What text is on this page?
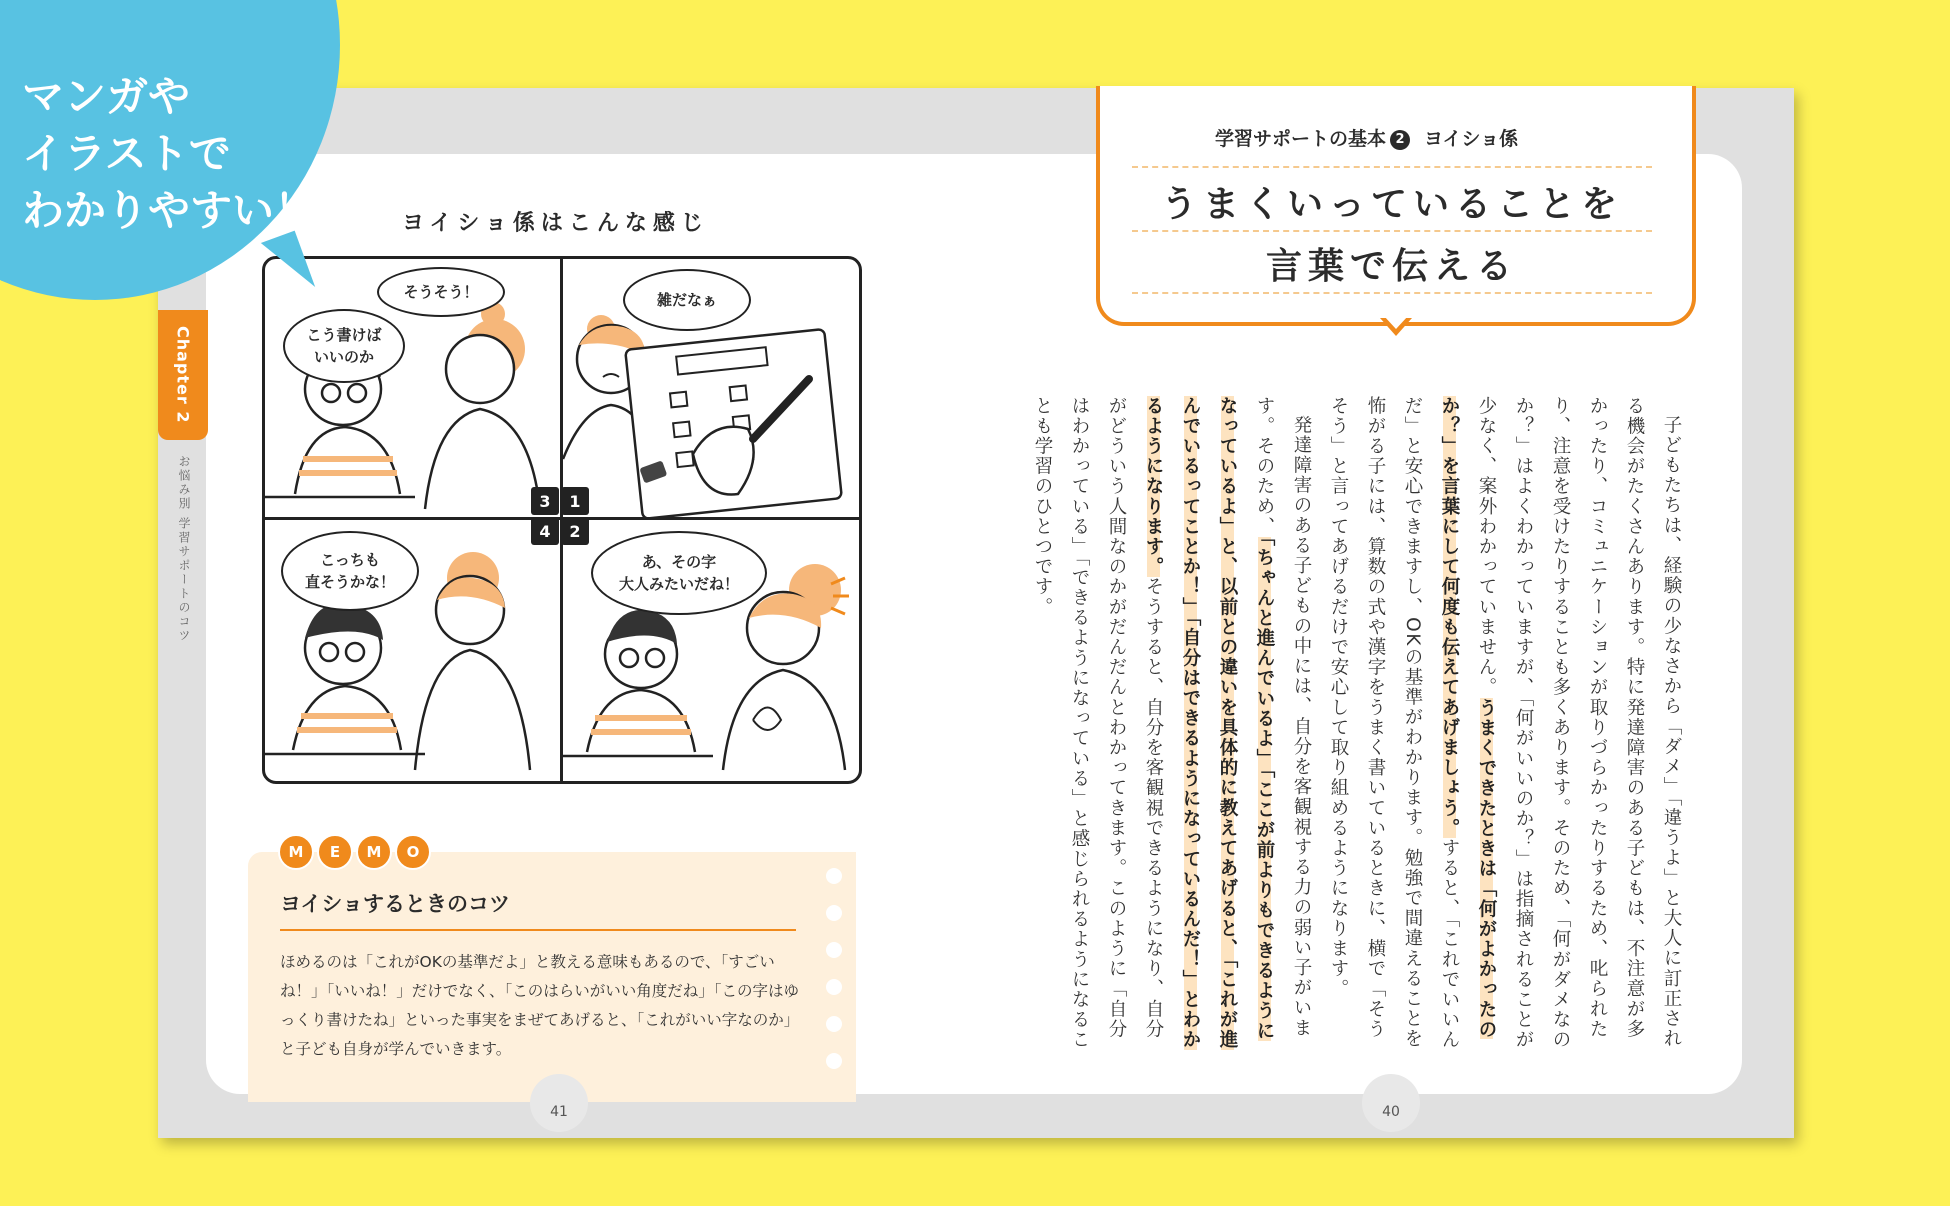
マンガや
イラストで
わかりやすい！
Chapter 2
お悩み別 学習サポートのコツ
ヨイショ係はこんな感じ
そうそう！
こう書けば
いいのか
雑だなぁ
こっちも
直そうかな！
あ、その字
大人みたいだね！
3	1
4	2
M	E	M	O
ヨイショするときのコツ
ほめるのは「これがOKの基準だよ」と教える意味もあるので、「すごいね！」「いいね！」だけでなく、「このはらいがいい角度だね」「この字はゆっくり書けたね」といった事実をまぜてあげると、「これがいい字なのか」と子ども自身が学んでいきます。
41
学習サポートの基本 2 ヨイショ係
うまくいっていることを
言葉で伝える

子どもたちは、経験の少なさから「ダメ」「違うよ」と大人に訂正される機会がたくさんあります。特に発達障害のある子どもは、不注意が多かったり、コミュニケーションが取りづらかったりするため、叱られたり、注意を受けたりすることも多くあります。そのため、「何がダメなのか？」はよくわかっていますが、「何がいいのか？」は指摘されることが少なく、案外わかっていません。うまくできたときは「何がよかったのか？」を言葉にして何度も伝えてあげましょう。すると、「これでいいんだ」と安心できますし、OKの基準がわかります。勉強で間違えることを怖がる子には、算数の式や漢字をうまく書いているときに、横で「そうそう」と言ってあげるだけで安心して取り組めるようになります。

発達障害のある子どもの中には、自分を客観視する力の弱い子がいます。そのため、「ちゃんと進んでいるよ」「ここが前よりもできるようになっているよ」と、以前との違いを具体的に教えてあげると、「これが進んでいるってことか！」「自分はできるようになっているんだ！」とわかるようになります。そうすると、自分を客観視できるようになり、自分がどういう人間なのかがだんだんとわかってきます。このように「自分はわかっている」「できるようになっている」と感じられるようになることも学習のひとつです。

40
